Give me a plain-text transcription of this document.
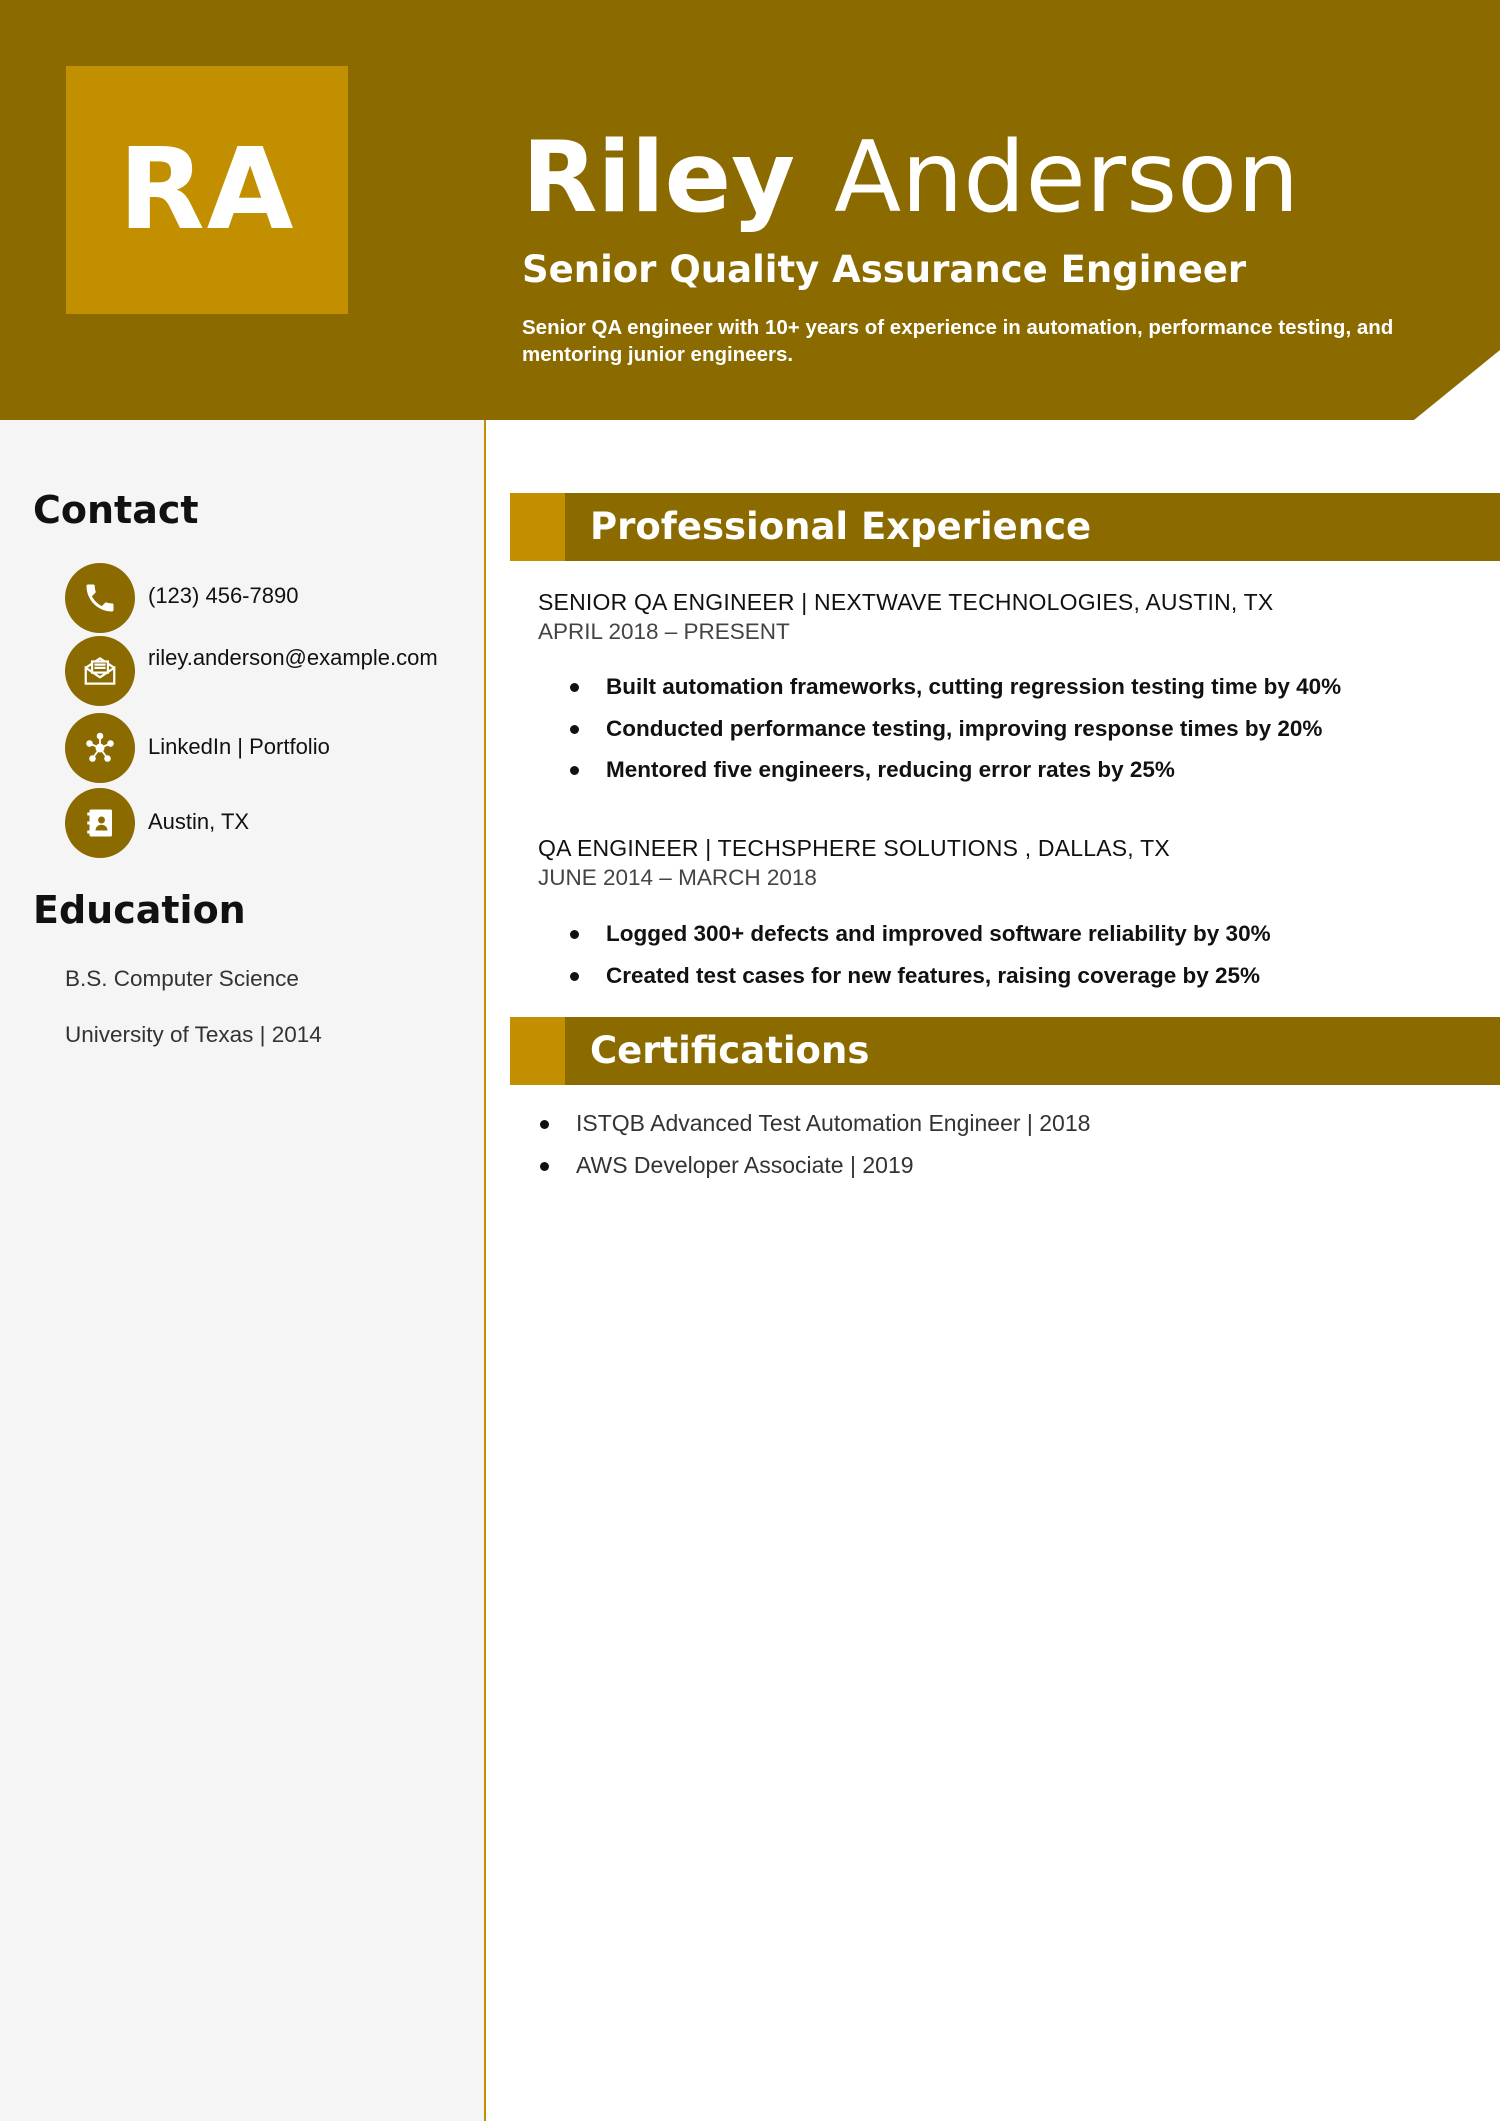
RA	Riley Anderson
Senior Quality Assurance Engineer
Senior QA engineer with 10+ years of experience in automation, performance testing, and mentoring junior engineers.
Contact
(123) 456-7890
riley.anderson@example.com
LinkedIn | Portfolio
Austin, TX
Education
B.S. Computer Science
University of Texas | 2014
Professional Experience
SENIOR QA ENGINEER | NEXTWAVE TECHNOLOGIES, AUSTIN, TX
APRIL 2018 – PRESENT
Built automation frameworks, cutting regression testing time by 40%
Conducted performance testing, improving response times by 20%
Mentored five engineers, reducing error rates by 25%
QA ENGINEER | TECHSPHERE SOLUTIONS , DALLAS, TX
JUNE 2014 – MARCH 2018
Logged 300+ defects and improved software reliability by 30%
Created test cases for new features, raising coverage by 25%
Certifications
ISTQB Advanced Test Automation Engineer | 2018
AWS Developer Associate | 2019
